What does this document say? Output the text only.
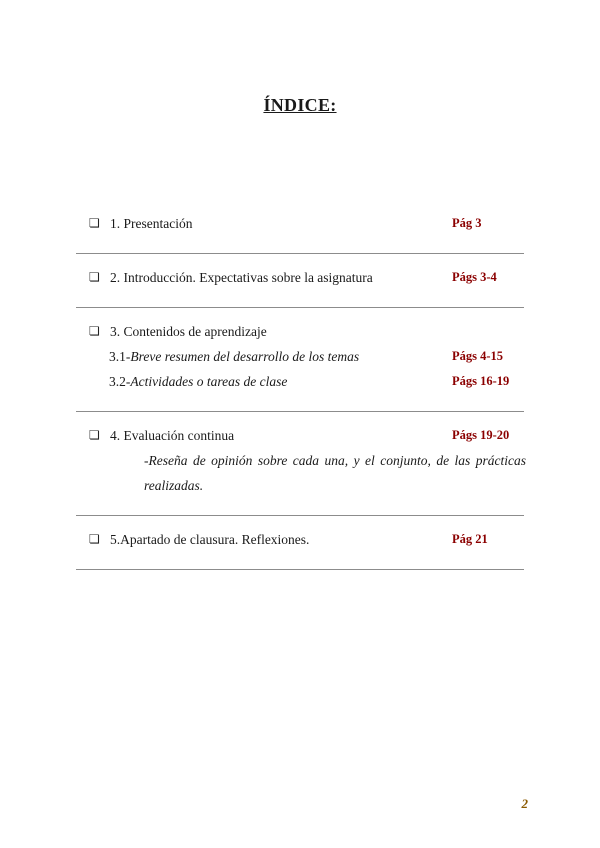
ÍNDICE:
❏ 1. Presentación	Pág 3
❏ 2. Introducción. Expectativas sobre la asignatura	Págs 3-4
❏ 3. Contenidos de aprendizaje
3.1-Breve resumen del desarrollo de los temas	Págs 4-15
3.2-Actividades o tareas de clase	Págs 16-19
❏ 4. Evaluación continua	Págs 19-20
-Reseña de opinión sobre cada una, y el conjunto, de las prácticas realizadas.
❏ 5.Apartado de clausura. Reflexiones.	Pág 21
2
